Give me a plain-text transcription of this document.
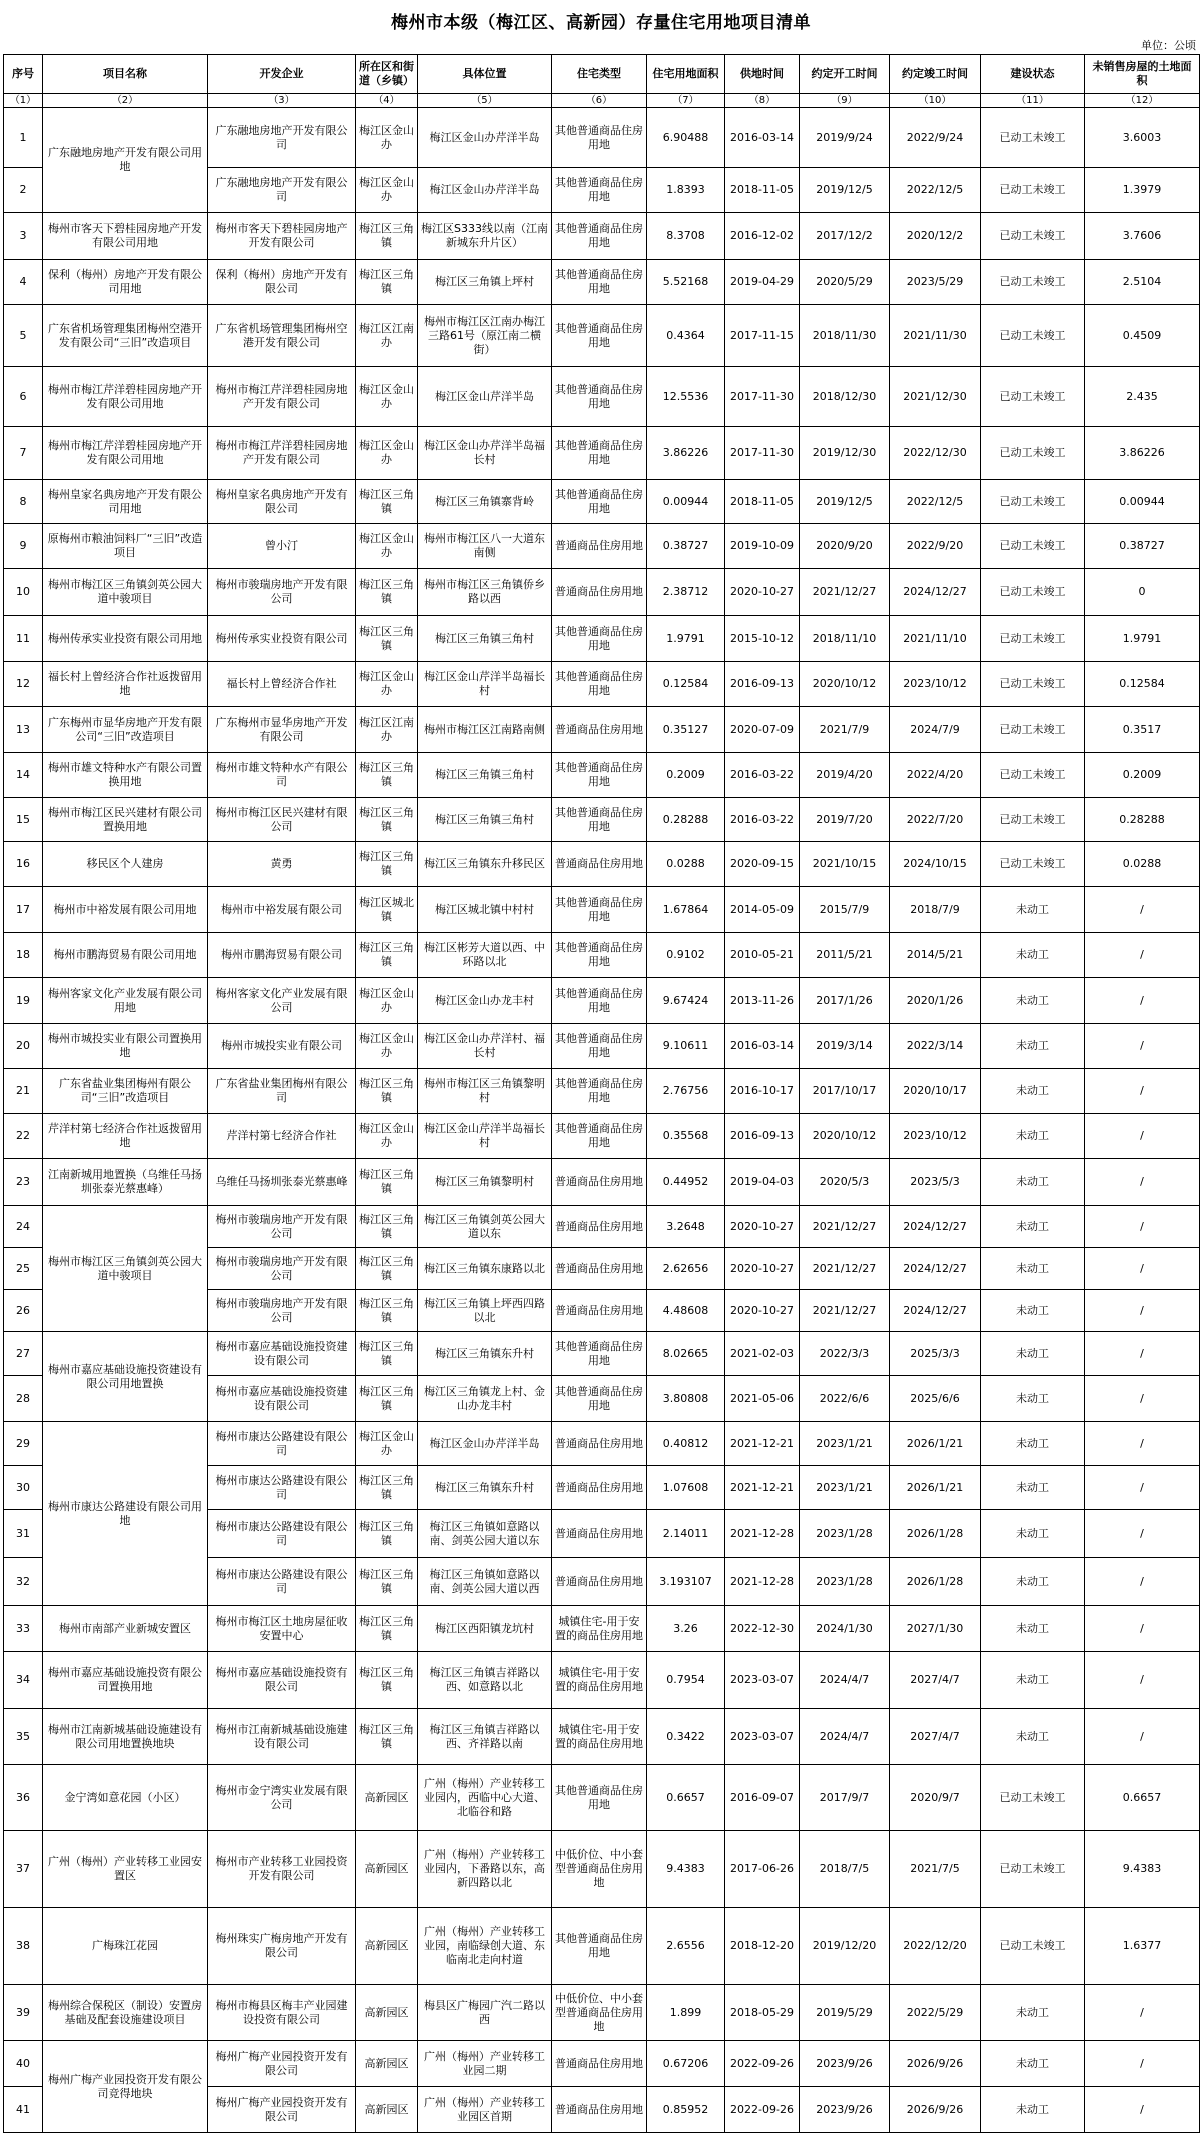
梅州市本级（梅江区、高新园）存量住宅用地项目清单
单位：公顷
序号	项目名称	开发企业	所在区和街道（乡镇）	具体位置	住宅类型	住宅用地面积	供地时间	约定开工时间	约定竣工时间	建设状态	未销售房屋的土地面积
（1）	（2）	（3）	（4）	（5）	（6）	（7）	（8）	（9）	（10）	（11）	（12）
1	广东融地房地产开发有限公司用地	广东融地房地产开发有限公司	梅江区金山办	梅江区金山办芹洋半岛	其他普通商品住房用地	6.90488	2016-03-14	2019/9/24	2022/9/24	已动工未竣工	3.6003
2		广东融地房地产开发有限公司	梅江区金山办	梅江区金山办芹洋半岛	其他普通商品住房用地	1.8393	2018-11-05	2019/12/5	2022/12/5	已动工未竣工	1.3979
3	梅州市客天下碧桂园房地产开发有限公司用地	梅州市客天下碧桂园房地产开发有限公司	梅江区三角镇	梅江区S333线以南（江南新城东升片区）	其他普通商品住房用地	8.3708	2016-12-02	2017/12/2	2020/12/2	已动工未竣工	3.7606
4	保利（梅州）房地产开发有限公司用地	保利（梅州）房地产开发有限公司	梅江区三角镇	梅江区三角镇上坪村	其他普通商品住房用地	5.52168	2019-04-29	2020/5/29	2023/5/29	已动工未竣工	2.5104
5	广东省机场管理集团梅州空港开发有限公司“三旧”改造项目	广东省机场管理集团梅州空港开发有限公司	梅江区江南办	梅州市梅江区江南办梅江三路61号（原江南二横街）	其他普通商品住房用地	0.4364	2017-11-15	2018/11/30	2021/11/30	已动工未竣工	0.4509
6	梅州市梅江芹洋碧桂园房地产开发有限公司用地	梅州市梅江芹洋碧桂园房地产开发有限公司	梅江区金山办	梅江区金山芹洋半岛	其他普通商品住房用地	12.5536	2017-11-30	2018/12/30	2021/12/30	已动工未竣工	2.435
7	梅州市梅江芹洋碧桂园房地产开发有限公司用地	梅州市梅江芹洋碧桂园房地产开发有限公司	梅江区金山办	梅江区金山办芹洋半岛福长村	其他普通商品住房用地	3.86226	2017-11-30	2019/12/30	2022/12/30	已动工未竣工	3.86226
8	梅州皇家名典房地产开发有限公司用地	梅州皇家名典房地产开发有限公司	梅江区三角镇	梅江区三角镇寨背岭	其他普通商品住房用地	0.00944	2018-11-05	2019/12/5	2022/12/5	已动工未竣工	0.00944
9	原梅州市粮油饲料厂“三旧”改造项目	曾小汀	梅江区金山办	梅州市梅江区八一大道东南侧	普通商品住房用地	0.38727	2019-10-09	2020/9/20	2022/9/20	已动工未竣工	0.38727
10	梅州市梅江区三角镇剑英公园大道中骏项目	梅州市骏瑞房地产开发有限公司	梅江区三角镇	梅州市梅江区三角镇侨乡路以西	普通商品住房用地	2.38712	2020-10-27	2021/12/27	2024/12/27	已动工未竣工	0
11	梅州传承实业投资有限公司用地	梅州传承实业投资有限公司	梅江区三角镇	梅江区三角镇三角村	其他普通商品住房用地	1.9791	2015-10-12	2018/11/10	2021/11/10	已动工未竣工	1.9791
12	福长村上曾经济合作社返拨留用地	福长村上曾经济合作社	梅江区金山办	梅江区金山芹洋半岛福长村	其他普通商品住房用地	0.12584	2016-09-13	2020/10/12	2023/10/12	已动工未竣工	0.12584
13	广东梅州市显华房地产开发有限公司“三旧”改造项目	广东梅州市显华房地产开发有限公司	梅江区江南办	梅州市梅江区江南路南侧	普通商品住房用地	0.35127	2020-07-09	2021/7/9	2024/7/9	已动工未竣工	0.3517
14	梅州市雄文特种水产有限公司置换用地	梅州市雄文特种水产有限公司	梅江区三角镇	梅江区三角镇三角村	其他普通商品住房用地	0.2009	2016-03-22	2019/4/20	2022/4/20	已动工未竣工	0.2009
15	梅州市梅江区民兴建材有限公司置换用地	梅州市梅江区民兴建材有限公司	梅江区三角镇	梅江区三角镇三角村	其他普通商品住房用地	0.28288	2016-03-22	2019/7/20	2022/7/20	已动工未竣工	0.28288
16	移民区个人建房	黄勇	梅江区三角镇	梅江区三角镇东升移民区	普通商品住房用地	0.0288	2020-09-15	2021/10/15	2024/10/15	已动工未竣工	0.0288
17	梅州市中裕发展有限公司用地	梅州市中裕发展有限公司	梅江区城北镇	梅江区城北镇中村村	其他普通商品住房用地	1.67864	2014-05-09	2015/7/9	2018/7/9	未动工	/
18	梅州市鹏海贸易有限公司用地	梅州市鹏海贸易有限公司	梅江区三角镇	梅江区彬芳大道以西、中环路以北	其他普通商品住房用地	0.9102	2010-05-21	2011/5/21	2014/5/21	未动工	/
19	梅州客家文化产业发展有限公司用地	梅州客家文化产业发展有限公司	梅江区金山办	梅江区金山办龙丰村	其他普通商品住房用地	9.67424	2013-11-26	2017/1/26	2020/1/26	未动工	/
20	梅州市城投实业有限公司置换用地	梅州市城投实业有限公司	梅江区金山办	梅江区金山办芹洋村、福长村	其他普通商品住房用地	9.10611	2016-03-14	2019/3/14	2022/3/14	未动工	/
21	广东省盐业集团梅州有限公司“三旧”改造项目	广东省盐业集团梅州有限公司	梅江区三角镇	梅州市梅江区三角镇黎明村	其他普通商品住房用地	2.76756	2016-10-17	2017/10/17	2020/10/17	未动工	/
22	芹洋村第七经济合作社返拨留用地	芹洋村第七经济合作社	梅江区金山办	梅江区金山芹洋半岛福长村	其他普通商品住房用地	0.35568	2016-09-13	2020/10/12	2023/10/12	未动工	/
23	江南新城用地置换（乌维任马扬圳张泰光蔡惠峰）	乌维任马扬圳张泰光蔡惠峰	梅江区三角镇	梅江区三角镇黎明村	普通商品住房用地	0.44952	2019-04-03	2020/5/3	2023/5/3	未动工	/
24	梅州市梅江区三角镇剑英公园大道中骏项目	梅州市骏瑞房地产开发有限公司	梅江区三角镇	梅江区三角镇剑英公园大道以东	普通商品住房用地	3.2648	2020-10-27	2021/12/27	2024/12/27	未动工	/
25		梅州市骏瑞房地产开发有限公司	梅江区三角镇	梅江区三角镇东康路以北	普通商品住房用地	2.62656	2020-10-27	2021/12/27	2024/12/27	未动工	/
26		梅州市骏瑞房地产开发有限公司	梅江区三角镇	梅江区三角镇上坪西四路以北	普通商品住房用地	4.48608	2020-10-27	2021/12/27	2024/12/27	未动工	/
27	梅州市嘉应基础设施投资建设有限公司用地置换	梅州市嘉应基础设施投资建设有限公司	梅江区三角镇	梅江区三角镇东升村	其他普通商品住房用地	8.02665	2021-02-03	2022/3/3	2025/3/3	未动工	/
28		梅州市嘉应基础设施投资建设有限公司	梅江区三角镇	梅江区三角镇龙上村、金山办龙丰村	其他普通商品住房用地	3.80808	2021-05-06	2022/6/6	2025/6/6	未动工	/
29	梅州市康达公路建设有限公司用地	梅州市康达公路建设有限公司	梅江区金山办	梅江区金山办芹洋半岛	普通商品住房用地	0.40812	2021-12-21	2023/1/21	2026/1/21	未动工	/
30		梅州市康达公路建设有限公司	梅江区三角镇	梅江区三角镇东升村	普通商品住房用地	1.07608	2021-12-21	2023/1/21	2026/1/21	未动工	/
31		梅州市康达公路建设有限公司	梅江区三角镇	梅江区三角镇如意路以南、剑英公园大道以东	普通商品住房用地	2.14011	2021-12-28	2023/1/28	2026/1/28	未动工	/
32		梅州市康达公路建设有限公司	梅江区三角镇	梅江区三角镇如意路以南、剑英公园大道以西	普通商品住房用地	3.193107	2021-12-28	2023/1/28	2026/1/28	未动工	/
33	梅州市南部产业新城安置区	梅州市梅江区土地房屋征收安置中心	梅江区三角镇	梅江区西阳镇龙坑村	城镇住宅-用于安置的商品住房用地	3.26	2022-12-30	2024/1/30	2027/1/30	未动工	/
34	梅州市嘉应基础设施投资有限公司置换用地	梅州市嘉应基础设施投资有限公司	梅江区三角镇	梅江区三角镇吉祥路以西、如意路以北	城镇住宅-用于安置的商品住房用地	0.7954	2023-03-07	2024/4/7	2027/4/7	未动工	/
35	梅州市江南新城基础设施建设有限公司用地置换地块	梅州市江南新城基础设施建设有限公司	梅江区三角镇	梅江区三角镇吉祥路以西、齐祥路以南	城镇住宅-用于安置的商品住房用地	0.3422	2023-03-07	2024/4/7	2027/4/7	未动工	/
36	金宁湾如意花园（小区）	梅州市金宁湾实业发展有限公司	高新园区	广州（梅州）产业转移工业园内，西临中心大道、北临谷和路	其他普通商品住房用地	0.6657	2016-09-07	2017/9/7	2020/9/7	已动工未竣工	0.6657
37	广州（梅州）产业转移工业园安置区	梅州市产业转移工业园投资开发有限公司	高新园区	广州（梅州）产业转移工业园内，下番路以东，高新四路以北	中低价位、中小套型普通商品住房用地	9.4383	2017-06-26	2018/7/5	2021/7/5	已动工未竣工	9.4383
38	广梅珠江花园	梅州珠实广梅房地产开发有限公司	高新园区	广州（梅州）产业转移工业园，南临绿创大道、东临南北走向村道	其他普通商品住房用地	2.6556	2018-12-20	2019/12/20	2022/12/20	已动工未竣工	1.6377
39	梅州综合保税区（制设）安置房基础及配套设施建设项目	梅州市梅县区梅丰产业园建设投资有限公司	高新园区	梅县区广梅园广汽二路以西	中低价位、中小套型普通商品住房用地	1.899	2018-05-29	2019/5/29	2022/5/29	未动工	/
40	梅州广梅产业园投资开发有限公司竞得地块	梅州广梅产业园投资开发有限公司	高新园区	广州（梅州）产业转移工业园二期	普通商品住房用地	0.67206	2022-09-26	2023/9/26	2026/9/26	未动工	/
41		梅州广梅产业园投资开发有限公司	高新园区	广州（梅州）产业转移工业园区首期	普通商品住房用地	0.85952	2022-09-26	2023/9/26	2026/9/26	未动工	/
